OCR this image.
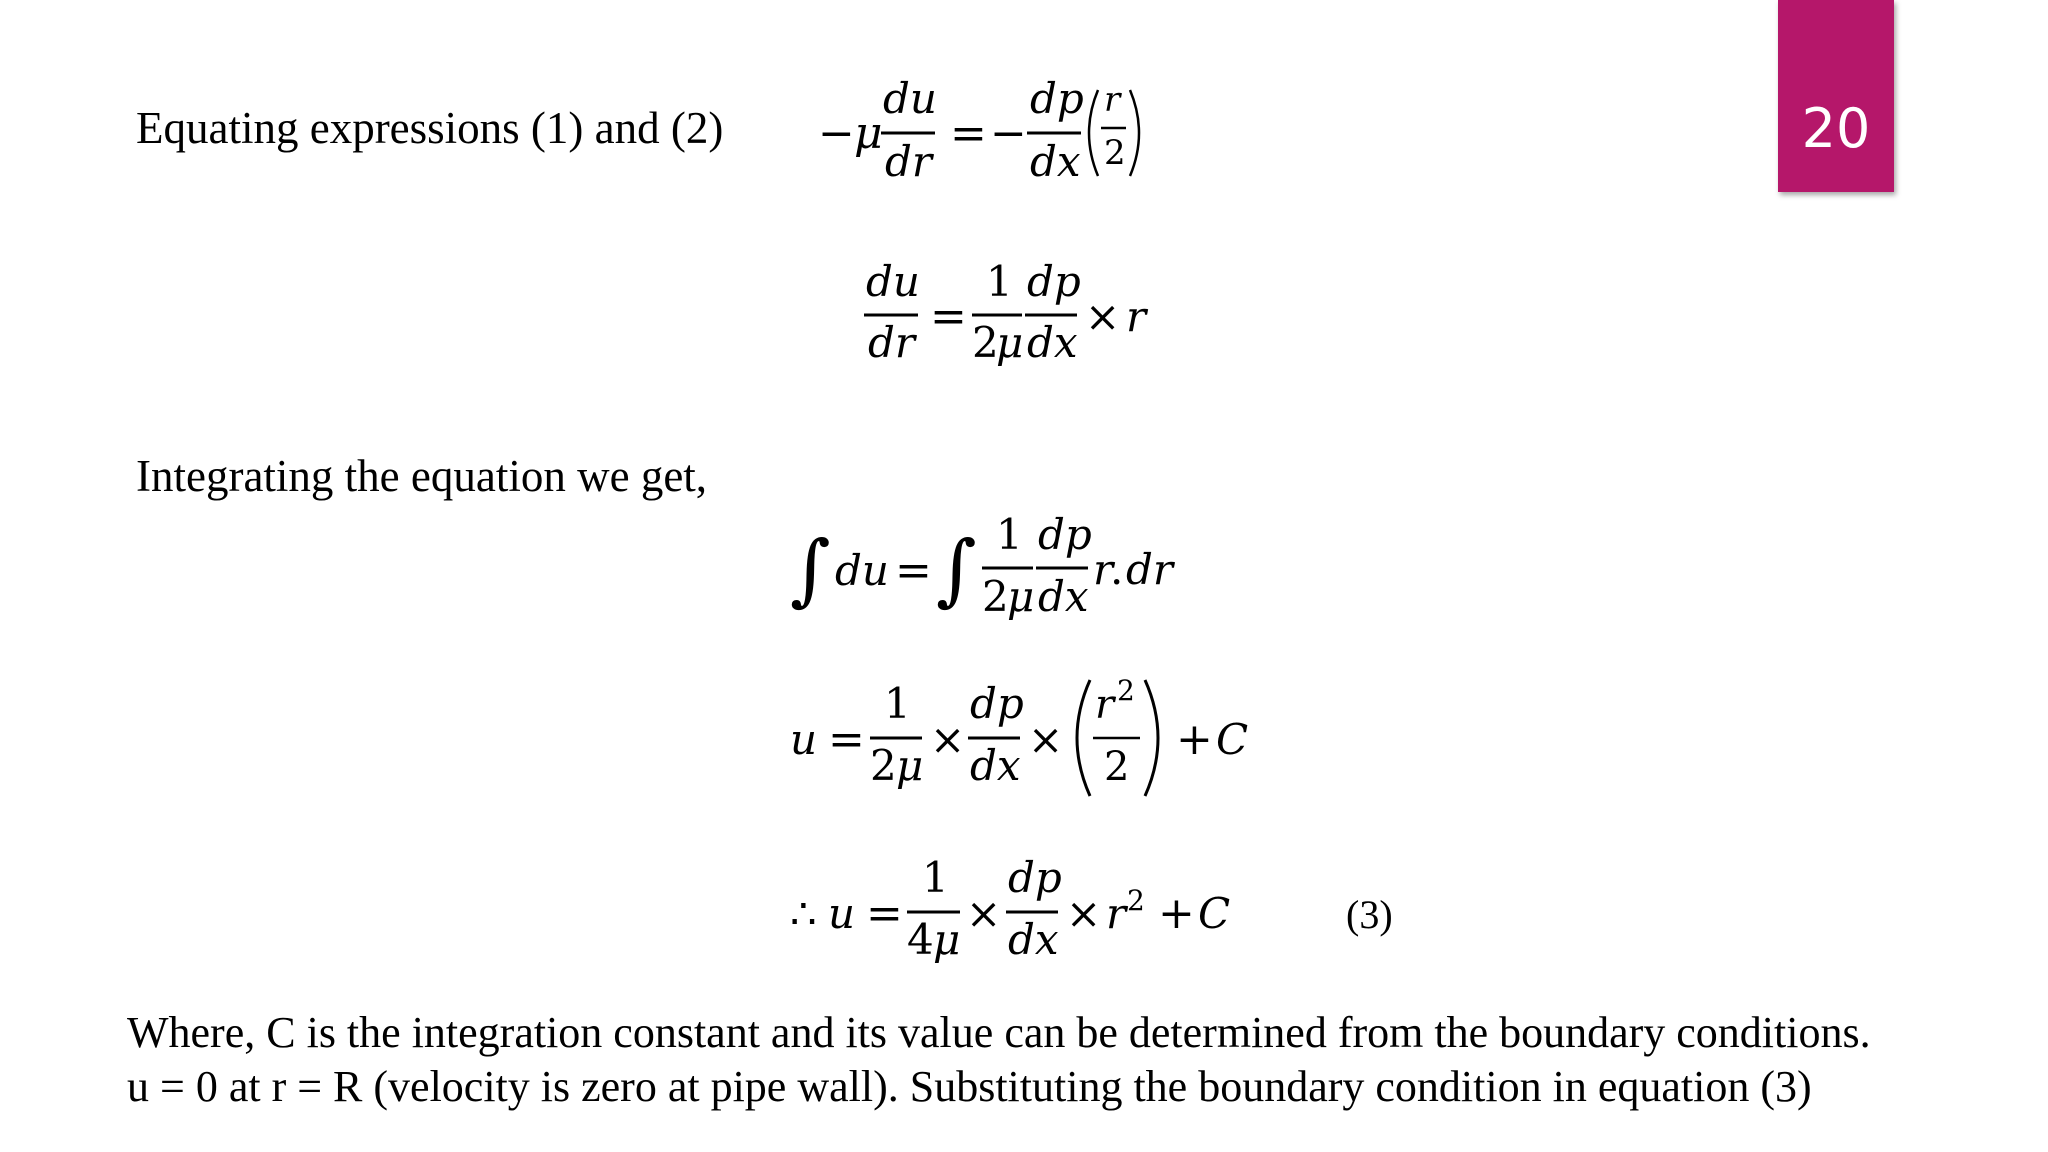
20
Equating expressions (1) and (2)
Integrating the equation we get,
Where, C is the integration constant and its value can be determined from the boundary conditions.
u = 0 at r = R (velocity is zero at pipe wall). Substituting the boundary condition in equation (3)
(3)
− μ
du
dr
= −
dp
dx
r
2
du
dr
=
1
2
μ
dp
dx
× r
∫ du = ∫ 1
2
μ
dp
dx
r
. dr
u =
1
2 μ
×
dp
dx
×
r 2
2
+ C
∴ u =
1
4 μ
×
dp
dx
× r 2 + C
